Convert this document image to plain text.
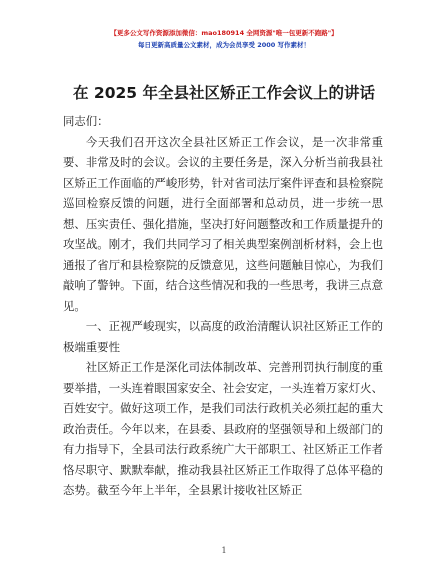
【更多公文写作资源添加微信：mao180914 全网资源"唯一包更新不跑路"】
每日更新高质量公文素材，成为会员享受 2000 写作素材！
在 2025 年全县社区矫正工作会议上的讲话
同志们：

今天我们召开这次全县社区矫正工作会议，是一次非常重要、非常及时的会议。会议的主要任务是，深入分析当前我县社区矫正工作面临的严峻形势，针对省司法厅案件评查和县检察院巡回检察反馈的问题，进行全面部署和总动员，进一步统一思想、压实责任、强化措施，坚决打好问题整改和工作质量提升的攻坚战。刚才，我们共同学习了相关典型案例剖析材料，会上也通报了省厅和县检察院的反馈意见，这些问题触目惊心，为我们敲响了警钟。下面，结合这些情况和我的一些思考，我讲三点意见。

一、正视严峻现实，以高度的政治清醒认识社区矫正工作的极端重要性

社区矫正工作是深化司法体制改革、完善刑罚执行制度的重要举措，一头连着眼国家安全、社会安定，一头连着万家灯火、百姓安宁。做好这项工作，是我们司法行政机关必须扛起的重大政治责任。今年以来，在县委、县政府的坚强领导和上级部门的有力指导下，全县司法行政系统广大干部职工、社区矫正工作者恪尽职守、默默奉献，推动我县社区矫正工作取得了总体平稳的态势。截至今年上半年，全县累计接收社区矫正

1
